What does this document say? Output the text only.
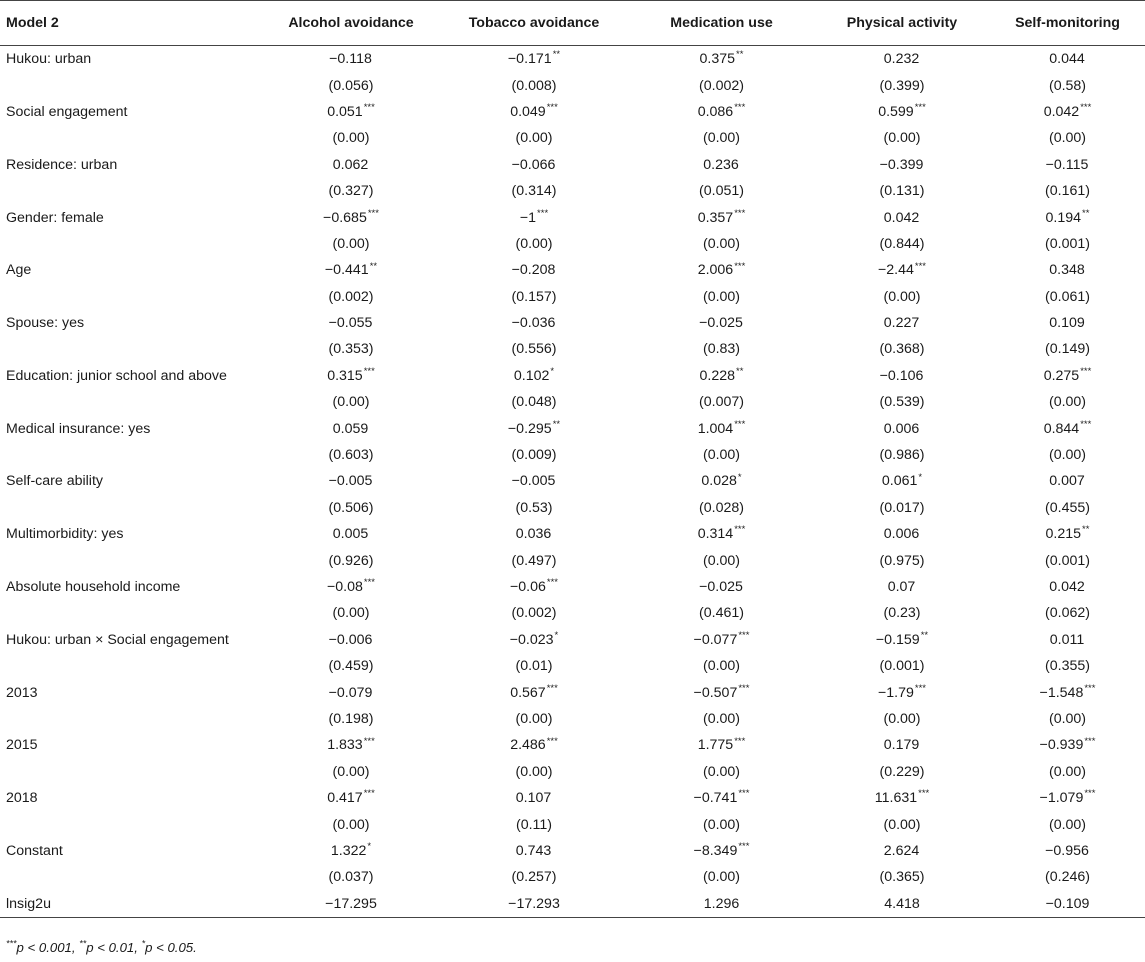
Model 2	Alcohol avoidance	Tobacco avoidance	Medication use	Physical activity	Self-monitoring
Hukou: urban	−0.118	−0.171**	0.375**	0.232	0.044
	(0.056)	(0.008)	(0.002)	(0.399)	(0.58)
Social engagement	0.051***	0.049***	0.086***	0.599***	0.042***
	(0.00)	(0.00)	(0.00)	(0.00)	(0.00)
Residence: urban	0.062	−0.066	0.236	−0.399	−0.115
	(0.327)	(0.314)	(0.051)	(0.131)	(0.161)
Gender: female	−0.685***	−1***	0.357***	0.042	0.194**
	(0.00)	(0.00)	(0.00)	(0.844)	(0.001)
Age	−0.441**	−0.208	2.006***	−2.44***	0.348
	(0.002)	(0.157)	(0.00)	(0.00)	(0.061)
Spouse: yes	−0.055	−0.036	−0.025	0.227	0.109
	(0.353)	(0.556)	(0.83)	(0.368)	(0.149)
Education: junior school and above	0.315***	0.102*	0.228**	−0.106	0.275***
	(0.00)	(0.048)	(0.007)	(0.539)	(0.00)
Medical insurance: yes	0.059	−0.295**	1.004***	0.006	0.844***
	(0.603)	(0.009)	(0.00)	(0.986)	(0.00)
Self-care ability	−0.005	−0.005	0.028*	0.061*	0.007
	(0.506)	(0.53)	(0.028)	(0.017)	(0.455)
Multimorbidity: yes	0.005	0.036	0.314***	0.006	0.215**
	(0.926)	(0.497)	(0.00)	(0.975)	(0.001)
Absolute household income	−0.08***	−0.06***	−0.025	0.07	0.042
	(0.00)	(0.002)	(0.461)	(0.23)	(0.062)
Hukou: urban × Social engagement	−0.006	−0.023*	−0.077***	−0.159**	0.011
	(0.459)	(0.01)	(0.00)	(0.001)	(0.355)
2013	−0.079	0.567***	−0.507***	−1.79***	−1.548***
	(0.198)	(0.00)	(0.00)	(0.00)	(0.00)
2015	1.833***	2.486***	1.775***	0.179	−0.939***
	(0.00)	(0.00)	(0.00)	(0.229)	(0.00)
2018	0.417***	0.107	−0.741***	11.631***	−1.079***
	(0.00)	(0.11)	(0.00)	(0.00)	(0.00)
Constant	1.322*	0.743	−8.349***	2.624	−0.956
	(0.037)	(0.257)	(0.00)	(0.365)	(0.246)
lnsig2u	−17.295	−17.293	1.296	4.418	−0.109
***p < 0.001, **p < 0.01, *p < 0.05.
